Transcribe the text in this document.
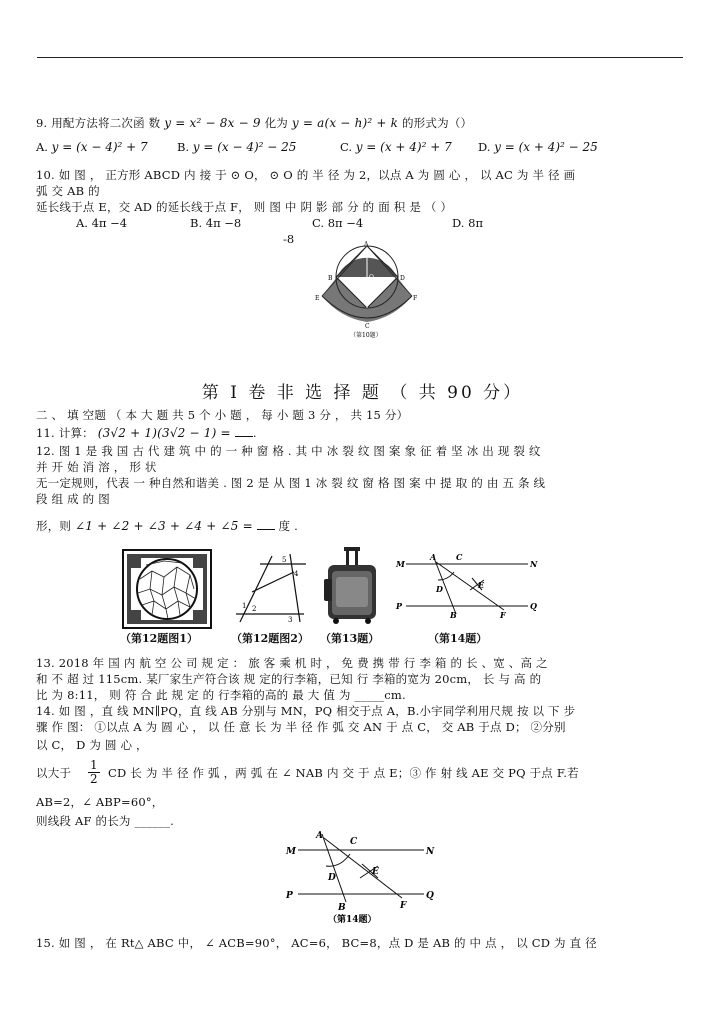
9. 用配方法将二次函 数 y = x² − 8x − 9 化为 y = a(x − h)² + k 的形式为（）
A. y = (x − 4)² + 7	B. y = (x − 4)² − 25	C. y = (x + 4)² + 7 D. y = (x + 4)² − 25
10. 如 图 ， 正方形 ABCD 内 接 于 ⊙ O， ⊙ O 的 半 径 为 2，以点 A 为 圆 心 ， 以 AC 为 半 径 画
弧 交 AB 的
延长线于点 E，交 AD 的延长线于点 F， 则 图 中 阴 影 部 分 的 面 积 是 （ ）
A. 4π −4	B. 4π −8	C. 8π −4	D. 8π
-8	A
O
B	D
E	F
C
（第10题）
第 I 卷 非 选 择 题 （ 共 90 分）
二 、 填 空题 （ 本 大 题 共 5 个 小 题 ， 每 小 题 3 分 ， 共 15 分）
11. 计算： (3√2 + 1)(3√2 − 1) = .
12. 图 1 是 我 国 古 代 建 筑 中 的 一 种 窗 格 . 其 中 冰 裂 纹 图 案 象 征 着 坚 冰 出 现 裂 纹
并 开 始 消 溶 ， 形 状
无一定规则，代表 一 种自然和谐美 . 图 2 是 从 图 1 冰 裂 纹 窗 格 图 案 中 提 取 的 由 五 条 线
段 组 成 的 图
形，则 ∠1 + ∠2 + ∠3 + ∠4 + ∠5 = 度 .
（第12题图1）
1 2
3
4
5
（第12题图2） （第13题）
M
A C
N
D	E
P
B	F
Q
（第14题）
13. 2018 年 国 内 航 空 公 司 规 定 ： 旅 客 乘 机 时 ， 免 费 携 带 行 李 箱 的 长 、宽 、高 之
和 不 超 过 115cm. 某厂家生产符合该 规 定的行李箱，已知 行 李箱的宽为 20cm， 长 与 高 的
比 为 8:11， 则 符 合 此 规 定 的 行李箱的高的 最 大 值 为 _____cm.
14. 如 图 ，直 线 MN∥PQ，直 线 AB 分别与 MN，PQ 相交于点 A，B.小宇同学利用尺规 按 以 下 步
骤 作 图： ①以点 A 为 圆 心 ， 以 任 意 长 为 半 径 作 弧 交 AN 于 点 C， 交 AB 于点 D； ②分别
以 C， D 为 圆 心 ，
以大于 $\frac{1}{2}$ CD 长 为 半 径 作 弧 ，两 弧 在 ∠ NAB 内 交 于 点 E；③ 作 射 线 AE 交 PQ 于点 F.若
AB=2，∠ ABP=60°，
则线段 AF 的长为 ______.
M
A
C
N
D
E
P
B	F
Q
（第14题）
15. 如 图 ， 在 Rt△ ABC 中， ∠ ACB=90°， AC=6， BC=8，点 D 是 AB 的 中 点 ， 以 CD 为 直 径
